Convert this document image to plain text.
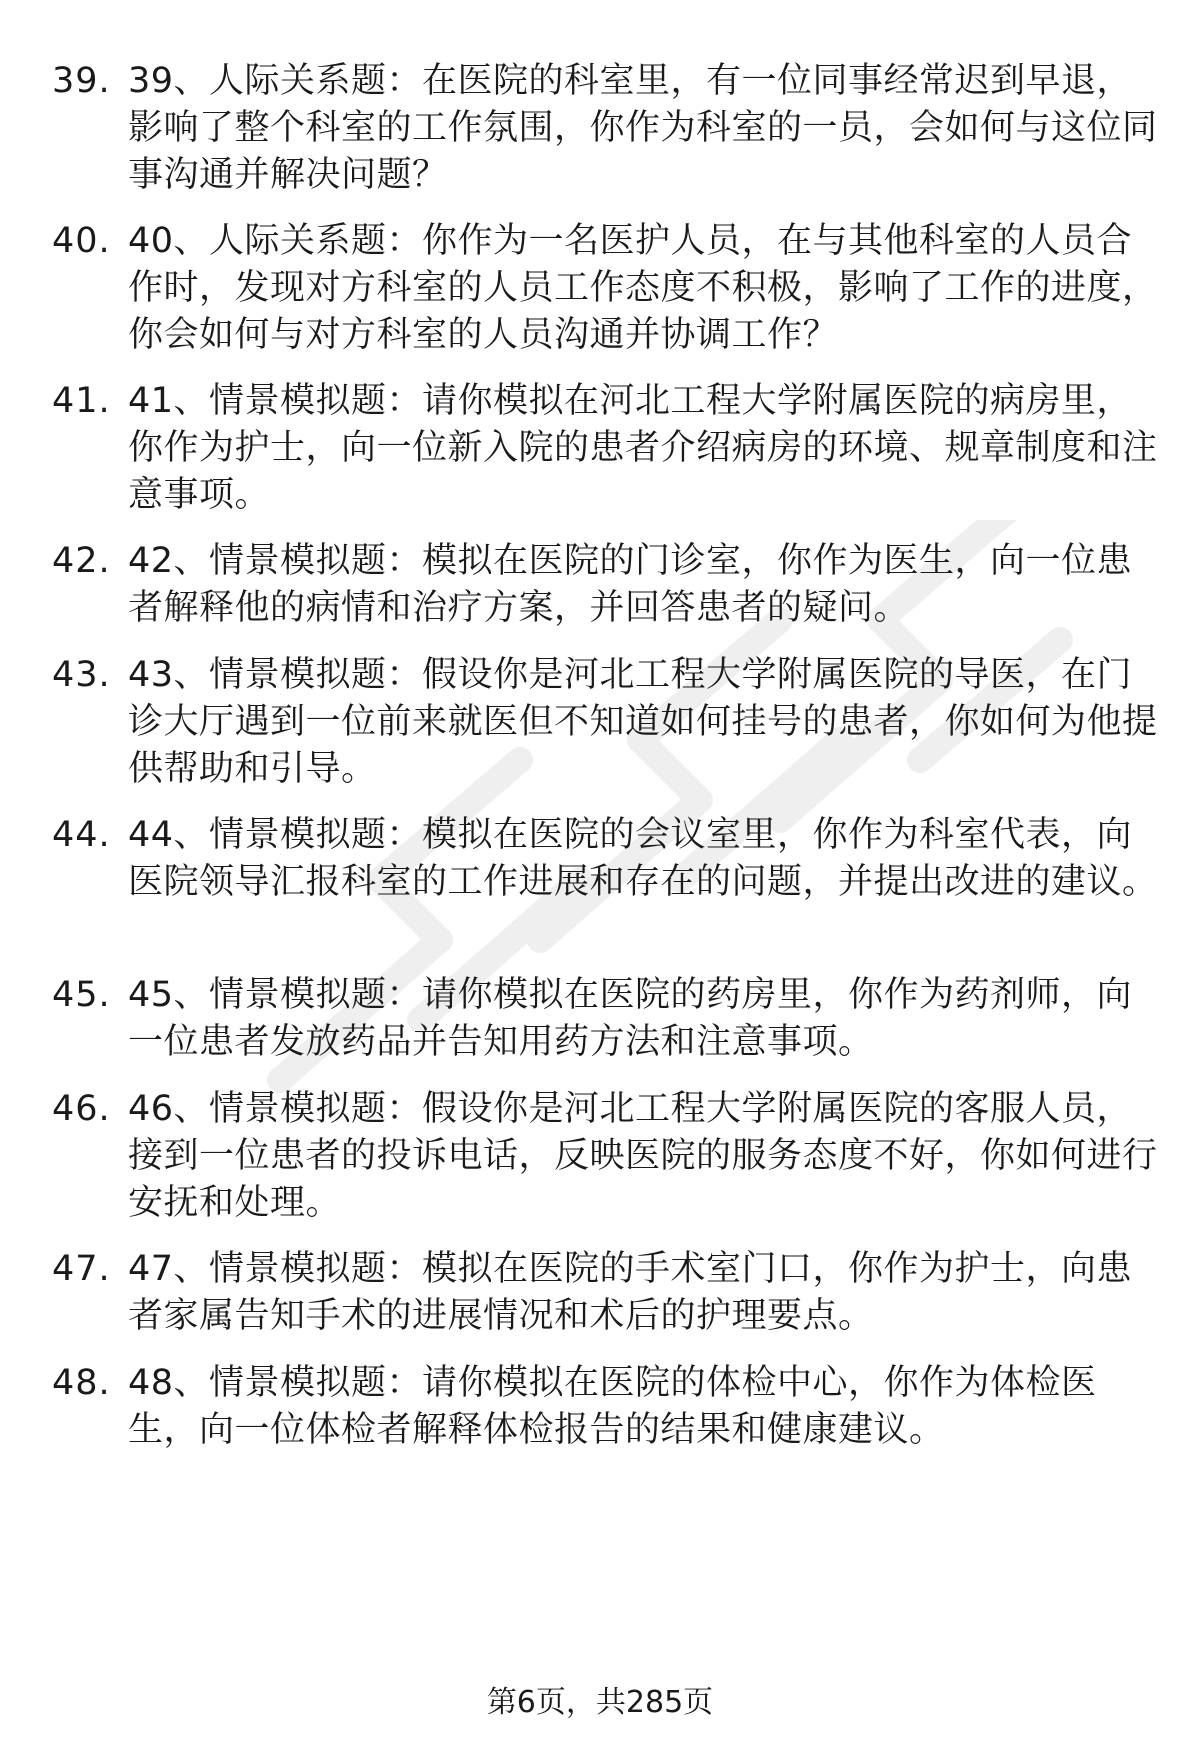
39. 39、人际关系题：在医院的科室里，有一位同事经常迟到早退，影响了整个科室的工作氛围，你作为科室的一员，会如何与这位同事沟通并解决问题？
40. 40、人际关系题：你作为一名医护人员，在与其他科室的人员合作时，发现对方科室的人员工作态度不积极，影响了工作的进度，你会如何与对方科室的人员沟通并协调工作？
41. 41、情景模拟题：请你模拟在河北工程大学附属医院的病房里，你作为护士，向一位新入院的患者介绍病房的环境、规章制度和注意事项。
42. 42、情景模拟题：模拟在医院的门诊室，你作为医生，向一位患者解释他的病情和治疗方案，并回答患者的疑问。
43. 43、情景模拟题：假设你是河北工程大学附属医院的导医，在门诊大厅遇到一位前来就医但不知道如何挂号的患者，你如何为他提供帮助和引导。
44. 44、情景模拟题：模拟在医院的会议室里，你作为科室代表，向医院领导汇报科室的工作进展和存在的问题，并提出改进的建议。
45. 45、情景模拟题：请你模拟在医院的药房里，你作为药剂师，向一位患者发放药品并告知用药方法和注意事项。
46. 46、情景模拟题：假设你是河北工程大学附属医院的客服人员，接到一位患者的投诉电话，反映医院的服务态度不好，你如何进行安抚和处理。
47. 47、情景模拟题：模拟在医院的手术室门口，你作为护士，向患者家属告知手术的进展情况和术后的护理要点。
48. 48、情景模拟题：请你模拟在医院的体检中心，你作为体检医生，向一位体检者解释体检报告的结果和健康建议。
第6页，共285页
